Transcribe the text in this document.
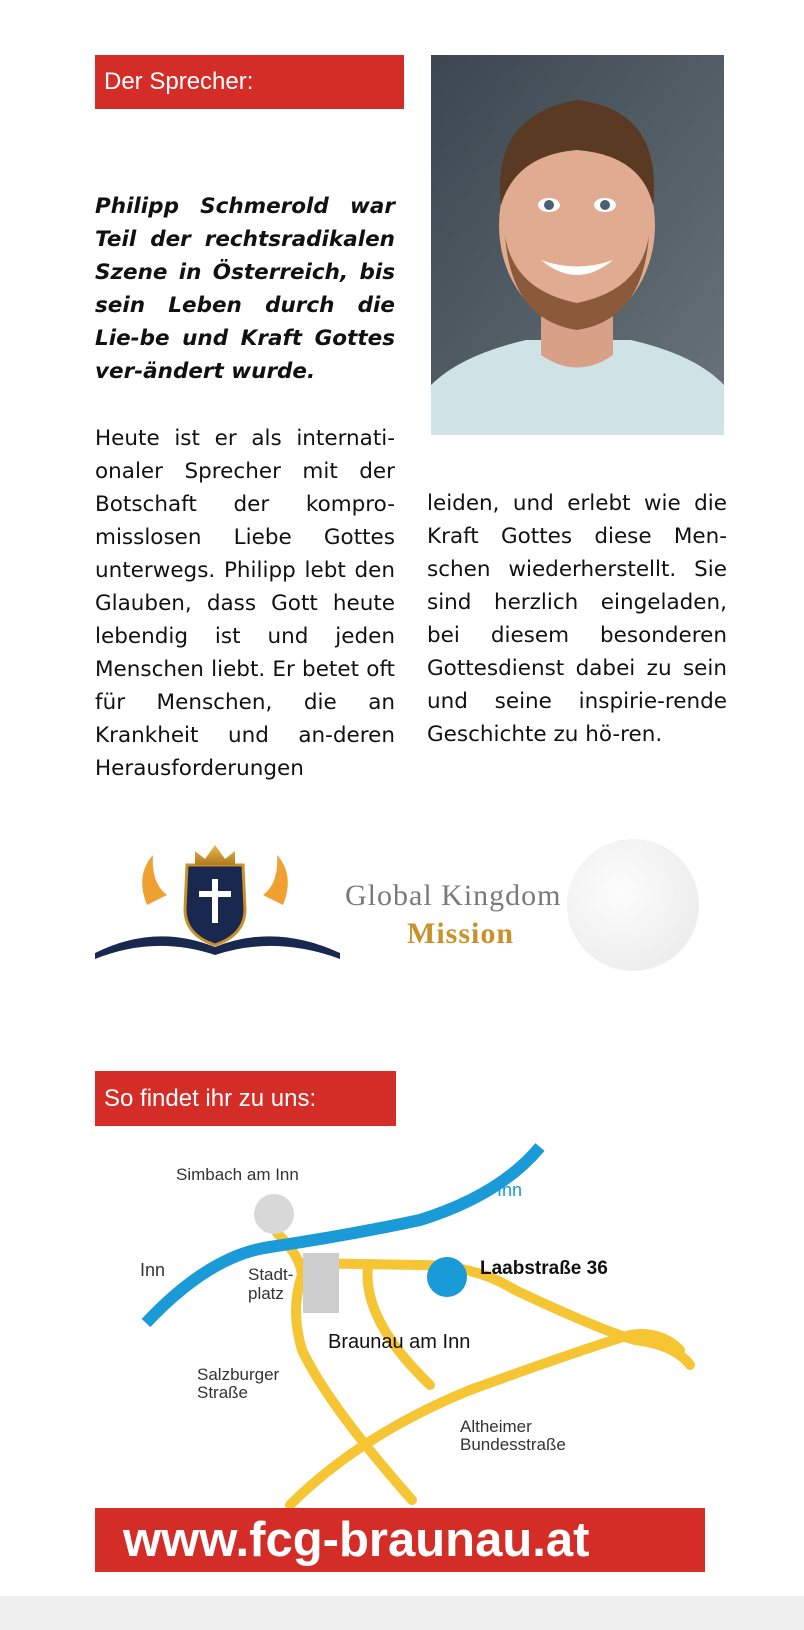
Der Sprecher:

Philipp Schmerold war Teil der rechtsradikalen Szene in Österreich, bis sein Leben durch die Lie-be und Kraft Gottes ver-ändert wurde.

Heute ist er als internati-onaler Sprecher mit der Botschaft der kompro-misslosen Liebe Gottes unterwegs. Philipp lebt den Glauben, dass Gott heute lebendig ist und jeden Menschen liebt. Er betet oft für Menschen, die an Krankheit und an-deren Herausforderungen

leiden, und erlebt wie die Kraft Gottes diese Men-schen wiederherstellt. Sie sind herzlich eingeladen, bei diesem besonderen Gottesdienst dabei zu sein und seine inspirie-rende Geschichte zu hö-ren.

Global Kingdom
Mission
So findet ihr zu uns:
Simbach am Inn
Inn
Inn	Stadt-
platz
Braunau am Inn
Salzburger
Straße
Altheimer
Bundesstraße
Laabstraße 36
www.fcg-braunau.at
